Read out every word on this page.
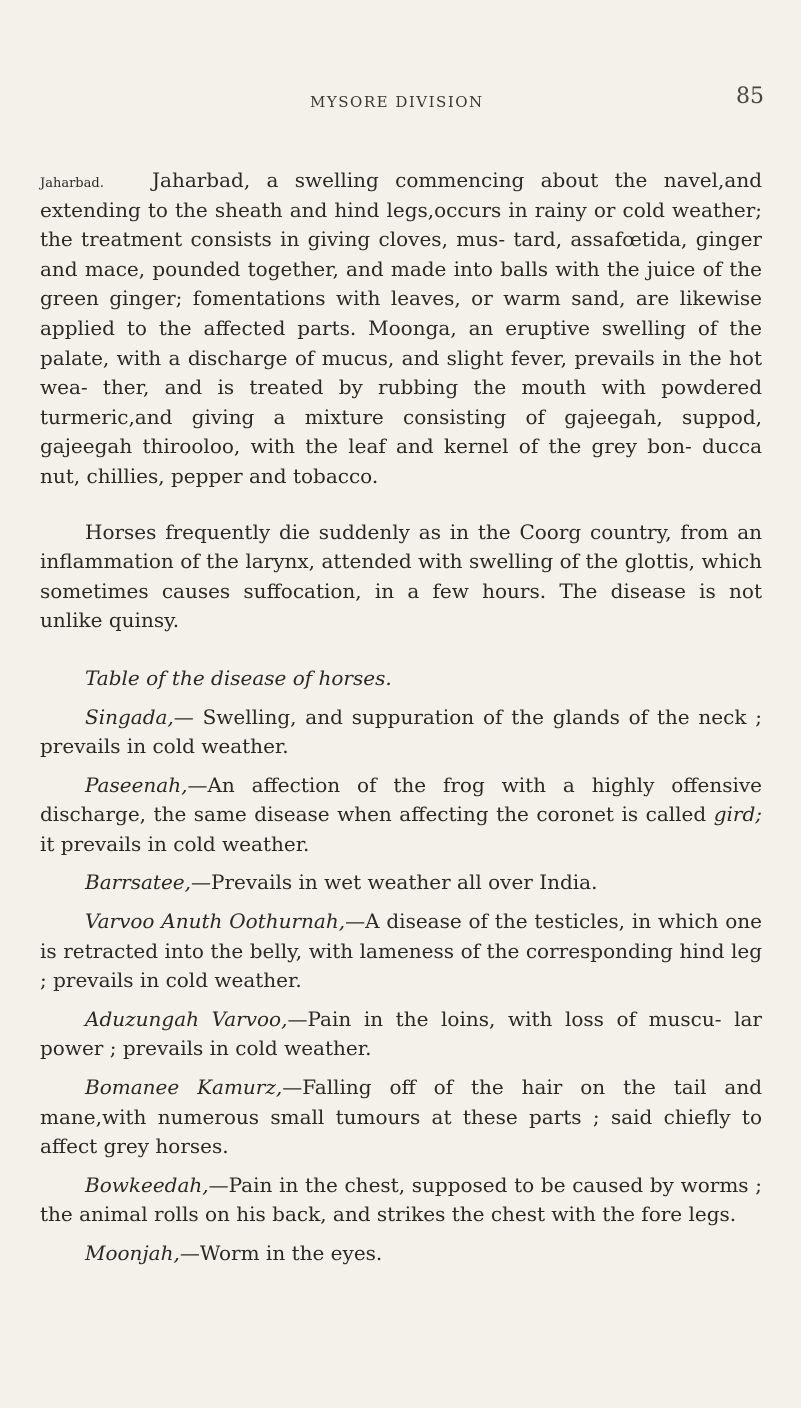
MYSORE DIVISION	85
Jaharbad.	Jaharbad, a swelling commencing about the navel,and extending to the sheath and hind legs,occurs in rainy or cold weather; the treatment consists in giving cloves, mus- tard, assafœtida, ginger and mace, pounded together, and made into balls with the juice of the green ginger; fomentations with leaves, or warm sand, are likewise applied to the affected parts. Moonga, an eruptive swelling of the palate, with a discharge of mucus, and slight fever, prevails in the hot wea- ther, and is treated by rubbing the mouth with powdered turmeric,and giving a mixture consisting of gajeegah, suppod, gajeegah thirooloo, with the leaf and kernel of the grey bon- ducca nut, chillies, pepper and tobacco.

Horses frequently die suddenly as in the Coorg country, from an inflammation of the larynx, attended with swelling of the glottis, which sometimes causes suffocation, in a few hours. The disease is not unlike quinsy.

Table of the disease of horses.

Singada,— Swelling, and suppuration of the glands of the neck ; prevails in cold weather.

Paseenah,—An affection of the frog with a highly offensive discharge, the same disease when affecting the coronet is called gird; it prevails in cold weather.

Barrsatee,—Prevails in wet weather all over India.

Varvoo Anuth Oothurnah,—A disease of the testicles, in which one is retracted into the belly, with lameness of the corresponding hind leg ; prevails in cold weather.

Aduzungah Varvoo,—Pain in the loins, with loss of muscu- lar power ; prevails in cold weather.

Bomanee Kamurz,—Falling off of the hair on the tail and mane,with numerous small tumours at these parts ; said chiefly to affect grey horses.

Bowkeedah,—Pain in the chest, supposed to be caused by worms ; the animal rolls on his back, and strikes the chest with the fore legs.

Moonjah,—Worm in the eyes.
